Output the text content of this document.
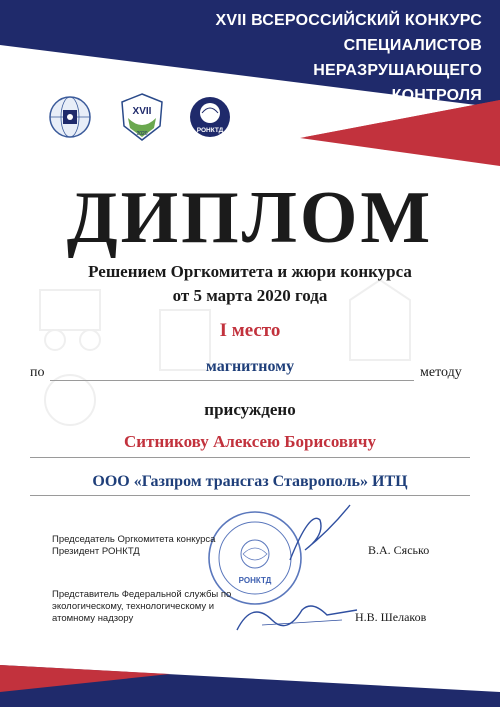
XVII ВСЕРОССИЙСКИЙ КОНКУРС
СПЕЦИАЛИСТОВ
НЕРАЗРУШАЮЩЕГО
КОНТРОЛЯ
XVII
2020	РОНКТД
ДИПЛОМ
Решением Оргкомитета и жюри конкурса
от 5 марта 2020 года
I место
по	магнитному	методу
присуждено
Ситникову Алексею Борисовичу
ООО «Газпром трансгаз Ставрополь» ИТЦ
РОНКТД
Председатель Оргкомитета конкурса
Президент РОНКТД	В.А. Сясько
Представитель Федеральной службы по
экологическому, технологическому и
атомному надзору	Н.В. Шелаков
